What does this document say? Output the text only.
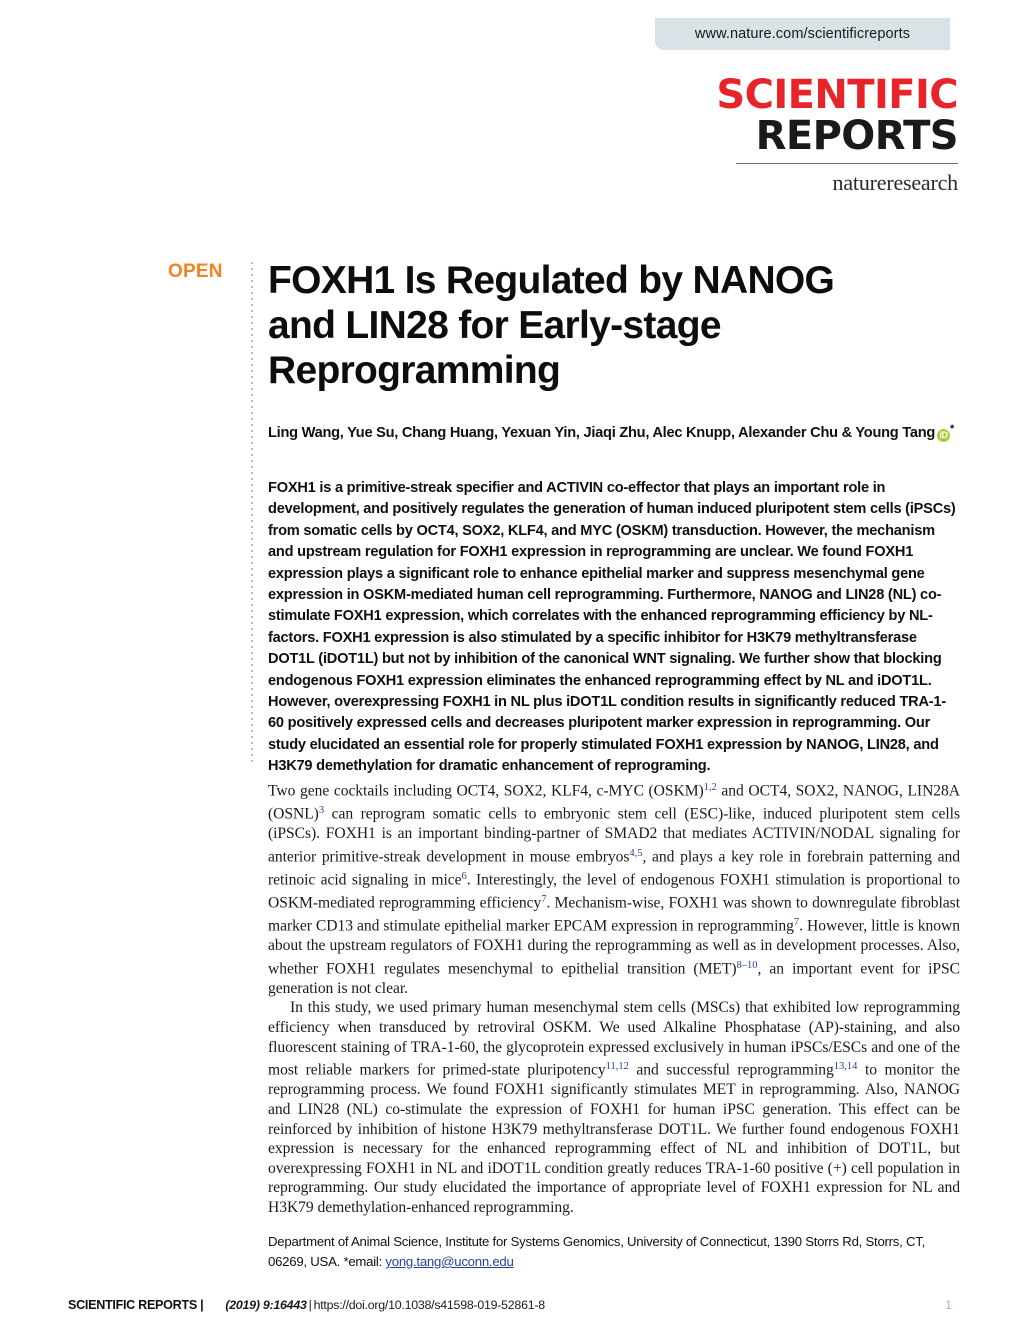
www.nature.com/scientificreports
SCIENTIFIC
REPORTS
natureresearch
OPEN FOXH1 Is Regulated by NANOG and LIN28 for Early-stage Reprogramming
Ling Wang, Yue Su, Chang Huang, Yexuan Yin, Jiaqi Zhu, Alec Knupp, Alexander Chu & Young Tang iD *
FOXH1 is a primitive-streak specifier and ACTIVIN co-effector that plays an important role in development, and positively regulates the generation of human induced pluripotent stem cells (iPSCs) from somatic cells by OCT4, SOX2, KLF4, and MYC (OSKM) transduction. However, the mechanism and upstream regulation for FOXH1 expression in reprogramming are unclear. We found FOXH1 expression plays a significant role to enhance epithelial marker and suppress mesenchymal gene expression in OSKM-mediated human cell reprogramming. Furthermore, NANOG and LIN28 (NL) co-stimulate FOXH1 expression, which correlates with the enhanced reprogramming efficiency by NL-factors. FOXH1 expression is also stimulated by a specific inhibitor for H3K79 methyltransferase DOT1L (iDOT1L) but not by inhibition of the canonical WNT signaling. We further show that blocking endogenous FOXH1 expression eliminates the enhanced reprogramming effect by NL and iDOT1L. However, overexpressing FOXH1 in NL plus iDOT1L condition results in significantly reduced TRA-1-60 positively expressed cells and decreases pluripotent marker expression in reprogramming. Our study elucidated an essential role for properly stimulated FOXH1 expression by NANOG, LIN28, and H3K79 demethylation for dramatic enhancement of reprograming.

Two gene cocktails including OCT4, SOX2, KLF4, c-MYC (OSKM)$^{1,2}$ and OCT4, SOX2, NANOG, LIN28A (OSNL)$^3$ can reprogram somatic cells to embryonic stem cell (ESC)-like, induced pluripotent stem cells (iPSCs). FOXH1 is an important binding-partner of SMAD2 that mediates ACTIVIN/NODAL signaling for anterior primitive-streak development in mouse embryos$^{4,5}$, and plays a key role in forebrain patterning and retinoic acid signaling in mice$^6$. Interestingly, the level of endogenous FOXH1 stimulation is proportional to OSKM-mediated reprogramming efficiency$^7$. Mechanism-wise, FOXH1 was shown to downregulate fibroblast marker CD13 and stimulate epithelial marker EPCAM expression in reprogramming$^7$. However, little is known about the upstream regulators of FOXH1 during the reprogramming as well as in development processes. Also, whether FOXH1 regulates mesenchymal to epithelial transition (MET)$^{8-10}$, an important event for iPSC generation is not clear.

In this study, we used primary human mesenchymal stem cells (MSCs) that exhibited low reprogramming efficiency when transduced by retroviral OSKM. We used Alkaline Phosphatase (AP)-staining, and also fluorescent staining of TRA-1-60, the glycoprotein expressed exclusively in human iPSCs/ESCs and one of the most reliable markers for primed-state pluripotency$^{11,12}$ and successful reprogramming$^{13,14}$ to monitor the reprogramming process. We found FOXH1 significantly stimulates MET in reprogramming. Also, NANOG and LIN28 (NL) co-stimulate the expression of FOXH1 for human iPSC generation. This effect can be reinforced by inhibition of histone H3K79 methyltransferase DOT1L. We further found endogenous FOXH1 expression is necessary for the enhanced reprogramming effect of NL and inhibition of DOT1L, but overexpressing FOXH1 in NL and iDOT1L condition greatly reduces TRA-1-60 positive (+) cell population in reprogramming. Our study elucidated the importance of appropriate level of FOXH1 expression for NL and H3K79 demethylation-enhanced reprogramming.

Department of Animal Science, Institute for Systems Genomics, University of Connecticut, 1390 Storrs Rd, Storrs, CT, 06269, USA. *email: yong.tang@uconn.edu
SCIENTIFIC REPORTS | (2019) 9:16443 | https://doi.org/10.1038/s41598-019-52861-8	1
